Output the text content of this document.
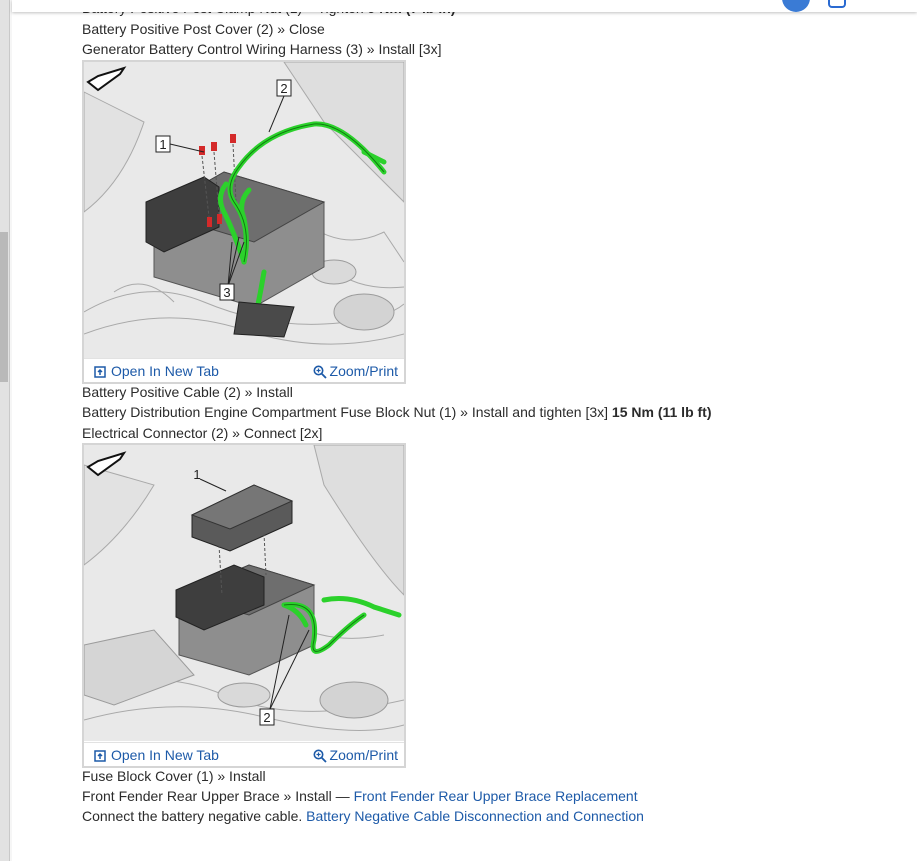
Battery Positive Post Cover (2) » Close
Generator Battery Control Wiring Harness (3) » Install [3x]
1
2
3
Open In New Tab	Zoom/Print
Battery Positive Cable (2) » Install
Battery Distribution Engine Compartment Fuse Block Nut (1) » Install and tighten [3x] 15 Nm (11 lb ft)
Electrical Connector (2) » Connect [2x]
1
2
Open In New Tab	Zoom/Print
Fuse Block Cover (1) » Install
Front Fender Rear Upper Brace » Install — Front Fender Rear Upper Brace Replacement
Connect the battery negative cable. Battery Negative Cable Disconnection and Connection
